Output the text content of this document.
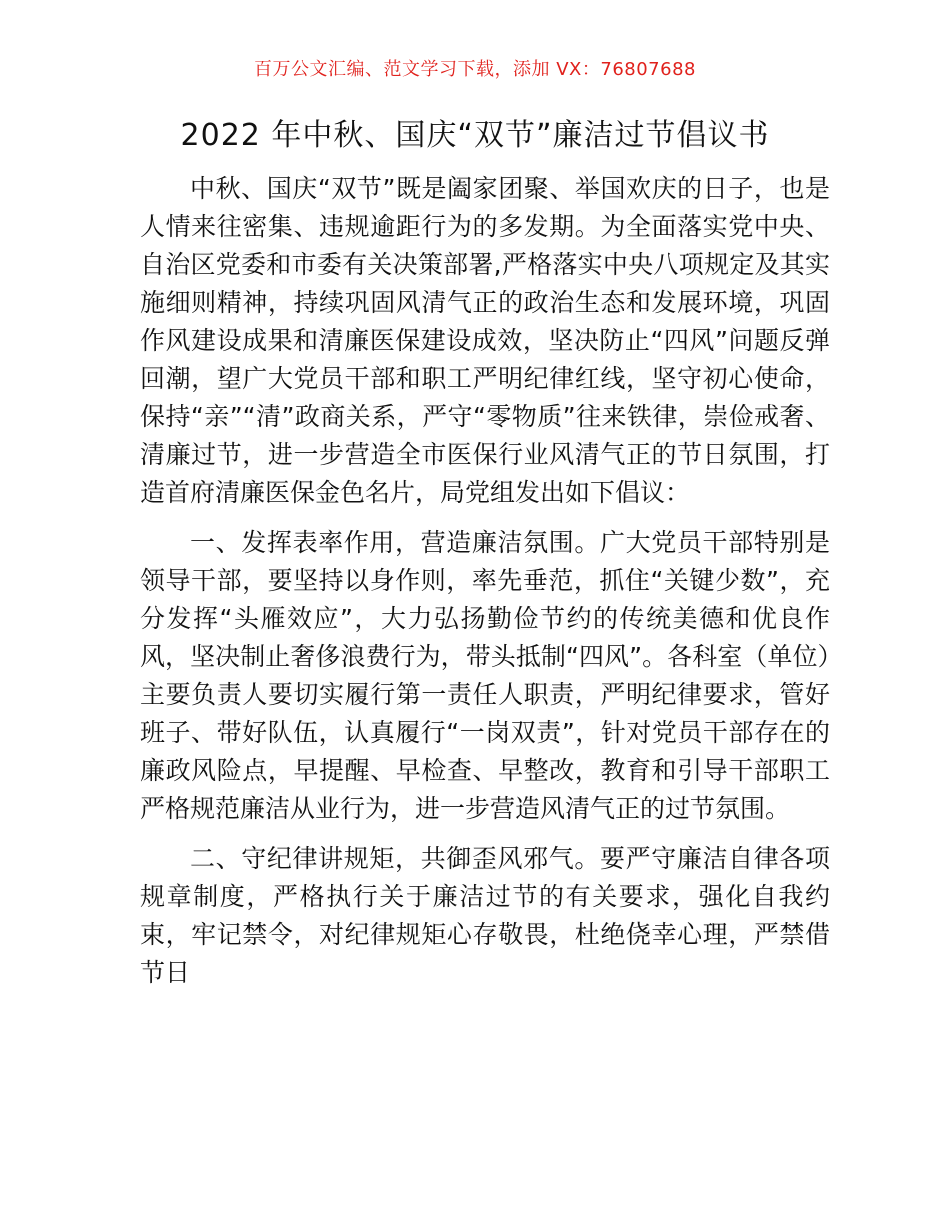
百万公文汇编、范文学习下载，添加 VX：76807688
2022 年中秋、国庆“双节”廉洁过节倡议书

中秋、国庆“双节”既是阖家团聚、举国欢庆的日子，也是人情来往密集、违规逾距行为的多发期。为全面落实党中央、自治区党委和市委有关决策部署,严格落实中央八项规定及其实施细则精神，持续巩固风清气正的政治生态和发展环境，巩固作风建设成果和清廉医保建设成效，坚决防止“四风”问题反弹回潮，望广大党员干部和职工严明纪律红线，坚守初心使命，保持“亲”“清”政商关系，严守“零物质”往来铁律，崇俭戒奢、清廉过节，进一步营造全市医保行业风清气正的节日氛围，打造首府清廉医保金色名片，局党组发出如下倡议：

一、发挥表率作用，营造廉洁氛围。广大党员干部特别是领导干部，要坚持以身作则，率先垂范，抓住“关键少数”，充分发挥“头雁效应”，大力弘扬勤俭节约的传统美德和优良作风，坚决制止奢侈浪费行为，带头抵制“四风”。各科室（单位）主要负责人要切实履行第一责任人职责，严明纪律要求，管好班子、带好队伍，认真履行“一岗双责”，针对党员干部存在的廉政风险点，早提醒、早检查、早整改，教育和引导干部职工严格规范廉洁从业行为，进一步营造风清气正的过节氛围。

二、守纪律讲规矩，共御歪风邪气。要严守廉洁自律各项规章制度，严格执行关于廉洁过节的有关要求，强化自我约束，牢记禁令，对纪律规矩心存敬畏，杜绝侥幸心理，严禁借节日
